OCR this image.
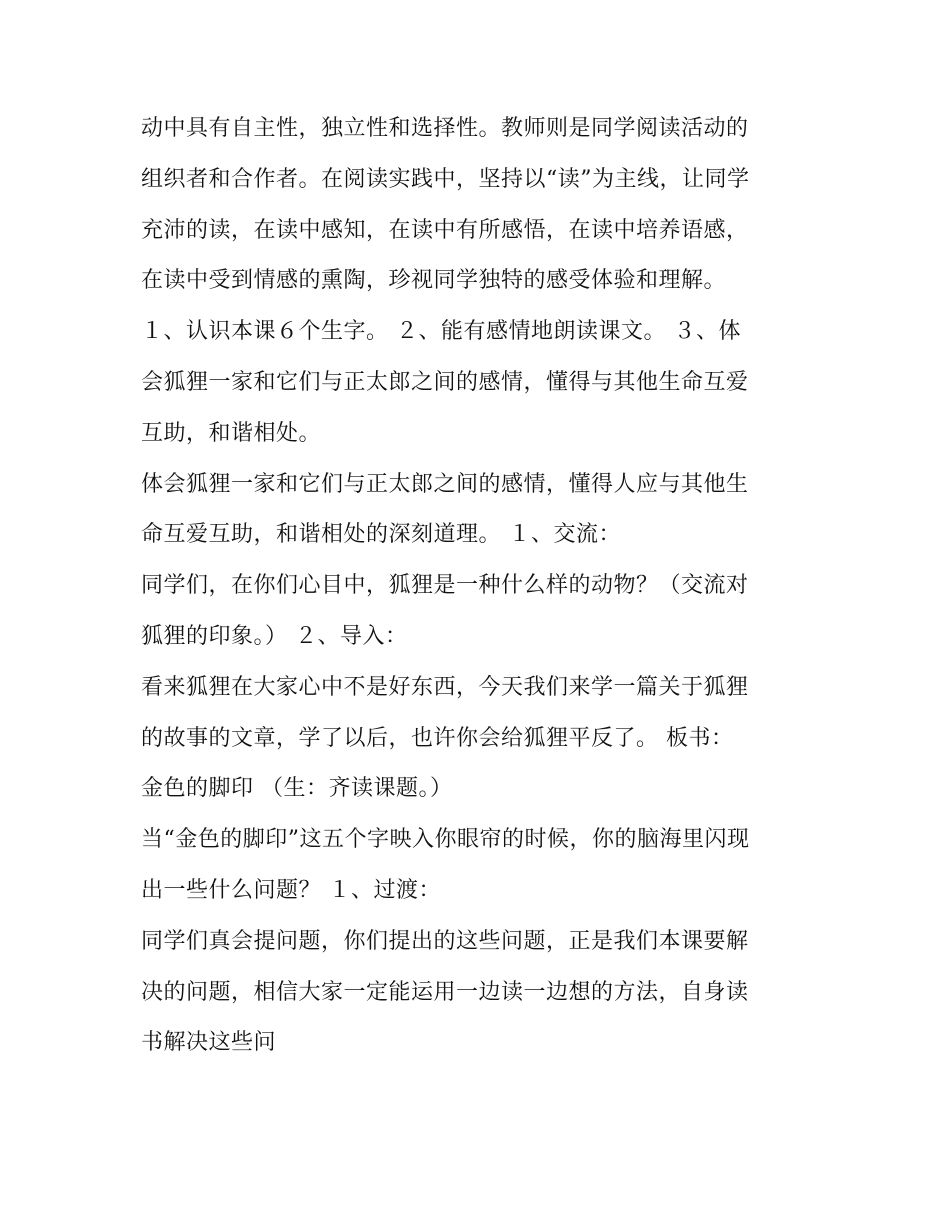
动中具有自主性，独立性和选择性。教师则是同学阅读活动的
组织者和合作者。在阅读实践中，坚持以“读”为主线，让同学
充沛的读，在读中感知，在读中有所感悟，在读中培养语感，
在读中受到情感的熏陶，珍视同学独特的感受体验和理解。
１、认识本课６个生字。 ２、能有感情地朗读课文。 ３、体
会狐狸一家和它们与正太郎之间的感情，懂得与其他生命互爱
互助，和谐相处。
体会狐狸一家和它们与正太郎之间的感情，懂得人应与其他生
命互爱互助，和谐相处的深刻道理。 １、交流：
同学们，在你们心目中，狐狸是一种什么样的动物？（交流对
狐狸的印象。） ２、导入：
看来狐狸在大家心中不是好东西，今天我们来学一篇关于狐狸
的故事的文章，学了以后，也许你会给狐狸平反了。 板书：
金色的脚印 （生：齐读课题。）
当“金色的脚印”这五个字映入你眼帘的时候，你的脑海里闪现
出一些什么问题？ １、过渡：
同学们真会提问题，你们提出的这些问题，正是我们本课要解
决的问题，相信大家一定能运用一边读一边想的方法，自身读
书解决这些问
